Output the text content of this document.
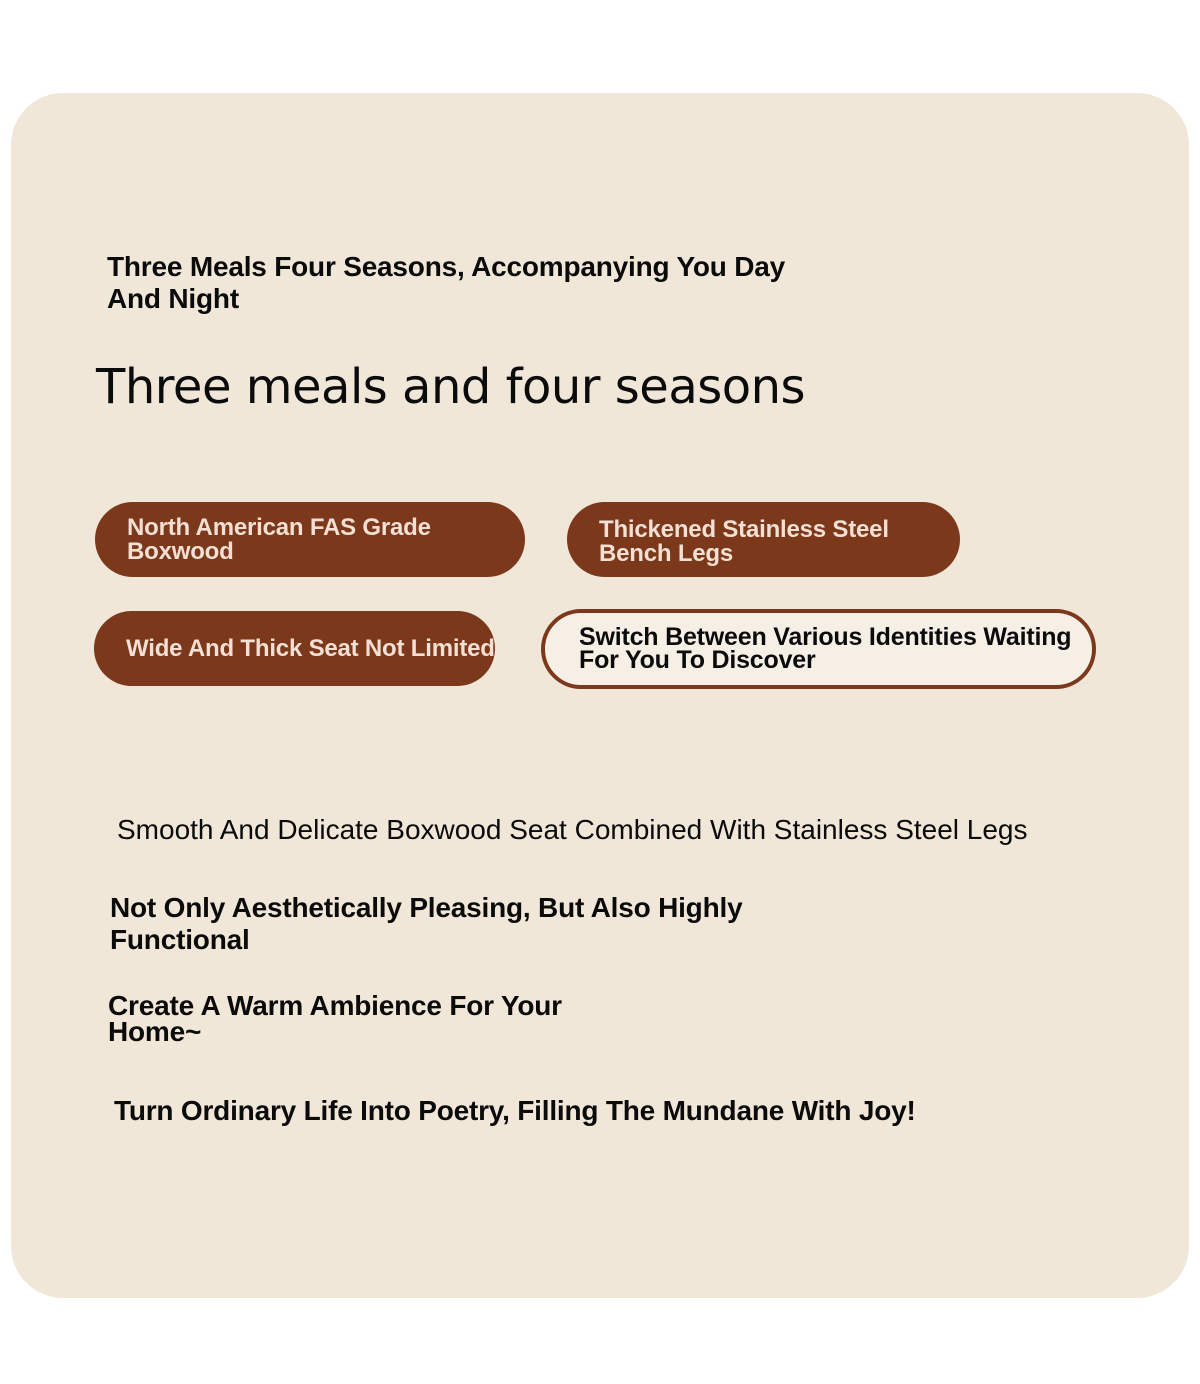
Three Meals Four Seasons, Accompanying You Day And Night
Three meals and four seasons
North American FAS Grade Boxwood
Thickened Stainless Steel Bench Legs
Wide And Thick Seat Not Limited	Switch Between Various Identities Waiting For You To Discover
Smooth And Delicate Boxwood Seat Combined With Stainless Steel Legs
Not Only Aesthetically Pleasing, But Also Highly Functional
Create A Warm Ambience For Your Home~
Turn Ordinary Life Into Poetry, Filling The Mundane With Joy!
